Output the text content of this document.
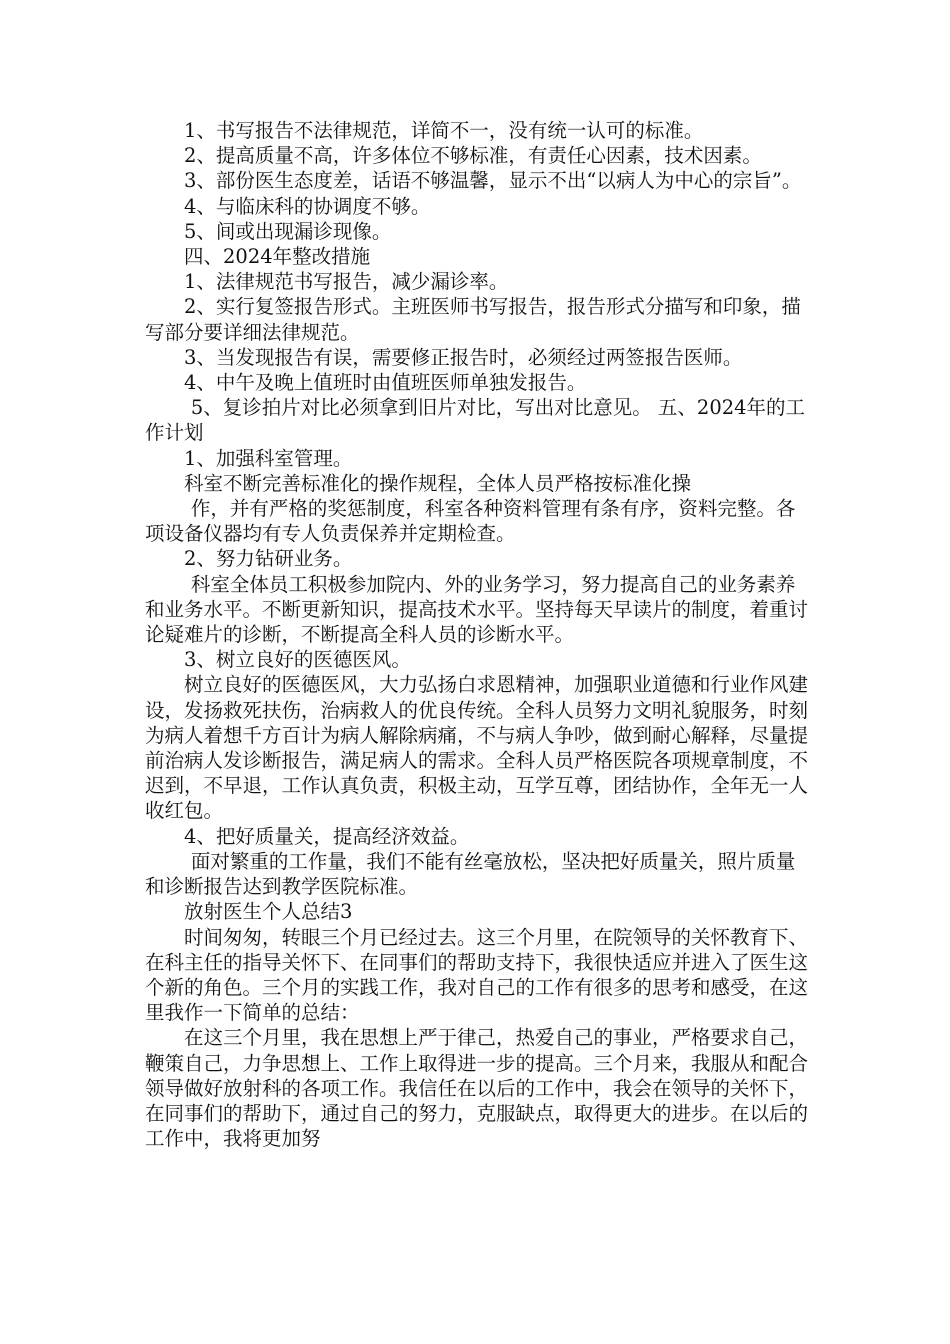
1、书写报告不法律规范，详简不一，没有统一认可的标准。

2、提高质量不高，许多体位不够标准，有责任心因素，技术因素。

3、部份医生态度差，话语不够温馨，显示不出“以病人为中心的宗旨”。

4、与临床科的协调度不够。

5、间或出现漏诊现像。

四、2024年整改措施

1、法律规范书写报告，减少漏诊率。

2、实行复签报告形式。主班医师书写报告，报告形式分描写和印象，描写部分要详细法律规范。

3、当发现报告有误，需要修正报告时，必须经过两签报告医师。

4、中午及晚上值班时由值班医师单独发报告。

5、复诊拍片对比必须拿到旧片对比，写出对比意见。 五、2024年的工作计划

1、加强科室管理。

科室不断完善标准化的操作规程，全体人员严格按标准化操

作，并有严格的奖惩制度，科室各种资料管理有条有序，资料完整。各项设备仪器均有专人负责保养并定期检查。

2、努力钻研业务。

科室全体员工积极参加院内、外的业务学习，努力提高自己的业务素养和业务水平。不断更新知识，提高技术水平。坚持每天早读片的制度，着重讨论疑难片的诊断，不断提高全科人员的诊断水平。

3、树立良好的医德医风。

树立良好的医德医风，大力弘扬白求恩精神，加强职业道德和行业作风建设，发扬救死扶伤，治病救人的优良传统。全科人员努力文明礼貌服务，时刻为病人着想千方百计为病人解除病痛，不与病人争吵，做到耐心解释，尽量提前治病人发诊断报告，满足病人的需求。全科人员严格医院各项规章制度，不迟到，不早退，工作认真负责，积极主动，互学互尊，团结协作，全年无一人收红包。

4、把好质量关，提高经济效益。

面对繁重的工作量，我们不能有丝毫放松，坚决把好质量关，照片质量和诊断报告达到教学医院标准。

放射医生个人总结3

时间匆匆，转眼三个月已经过去。这三个月里，在院领导的关怀教育下、在科主任的指导关怀下、在同事们的帮助支持下，我很快适应并进入了医生这个新的角色。三个月的实践工作，我对自己的工作有很多的思考和感受，在这里我作一下简单的总结：

在这三个月里，我在思想上严于律己，热爱自己的事业，严格要求自己，鞭策自己，力争思想上、工作上取得进一步的提高。三个月来，我服从和配合领导做好放射科的各项工作。我信任在以后的工作中，我会在领导的关怀下，在同事们的帮助下，通过自己的努力，克服缺点，取得更大的进步。在以后的工作中，我将更加努
